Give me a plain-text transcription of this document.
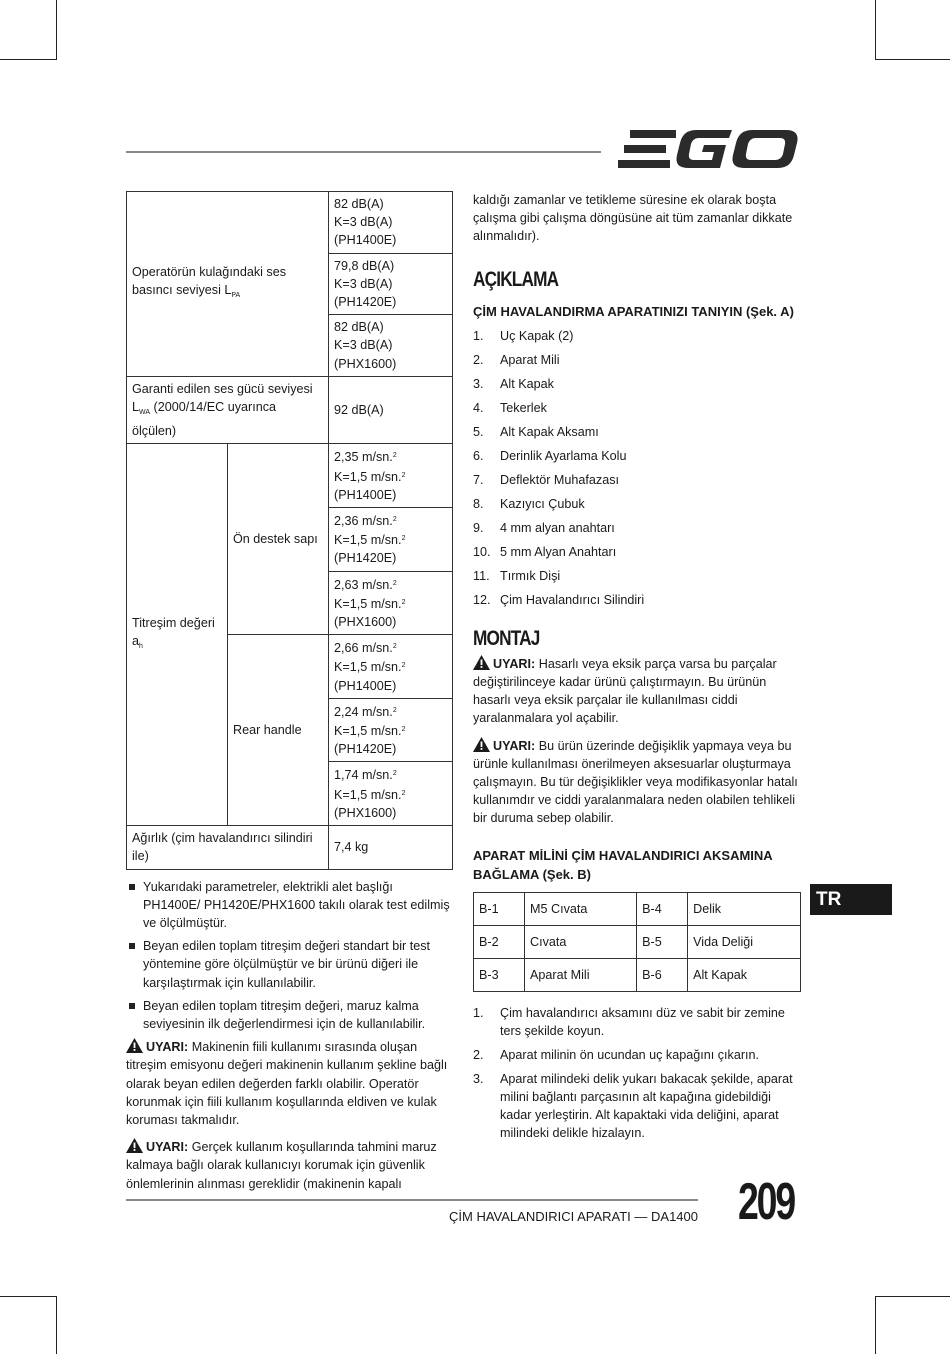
Operatörün kulağındaki ses basıncı seviyesi $L_{PA}$		82 dB(A)
K=3 dB(A)
(PH1400E)
		79,8 dB(A)
K=3 dB(A)
(PH1420E)
		82 dB(A)
K=3 dB(A)
(PHX1600)
Garanti edilen ses gücü seviyesi
$L_{WA}$ (2000/14/EC uyarınca ölçülen)		92 dB(A)
Titreşim değeri
$a_h$	Ön destek sapı	2,35 m/sn.$^2$
K=1,5 m/sn.$^2$
(PH1400E)
		2,36 m/sn.$^2$
K=1,5 m/sn.$^2$
(PH1420E)
		2,63 m/sn.$^2$
K=1,5 m/sn.$^2$
(PHX1600)
	Rear handle	2,66 m/sn.$^2$
K=1,5 m/sn.$^2$
(PH1400E)
		2,24 m/sn.$^2$
K=1,5 m/sn.$^2$
(PH1420E)
		1,74 m/sn.$^2$
K=1,5 m/sn.$^2$
(PHX1600)
Ağırlık (çim havalandırıcı silindiri ile)		7,4 kg
Yukarıdaki parametreler, elektrikli alet başlığı PH1400E/ PH1420E/PHX1600 takılı olarak test edilmiş ve ölçülmüştür.
Beyan edilen toplam titreşim değeri standart bir test yöntemine göre ölçülmüştür ve bir ürünü diğeri ile karşılaştırmak için kullanılabilir.
Beyan edilen toplam titreşim değeri, maruz kalma seviyesinin ilk değerlendirmesi için de kullanılabilir.
UYARI: Makinenin fiili kullanımı sırasında oluşan titreşim emisyonu değeri makinenin kullanım şekline bağlı olarak beyan edilen değerden farklı olabilir. Operatör korunmak için fiili kullanım koşullarında eldiven ve kulak koruması takmalıdır.
UYARI: Gerçek kullanım koşullarında tahmini maruz kalmaya bağlı olarak kullanıcıyı korumak için güvenlik önlemlerinin alınması gereklidir (makinenin kapalı
kaldığı zamanlar ve tetikleme süresine ek olarak boşta çalışma gibi çalışma döngüsüne ait tüm zamanlar dikkate alınmalıdır).
AÇIKLAMA
ÇİM HAVALANDIRMA APARATINIZI TANIYIN (Şek. A)
1. Uç Kapak (2)
2. Aparat Mili
3. Alt Kapak
4. Tekerlek
5. Alt Kapak Aksamı
6. Derinlik Ayarlama Kolu
7. Deflektör Muhafazası
8. Kazıyıcı Çubuk
9. 4 mm alyan anahtarı
10. 5 mm Alyan Anahtarı
11. Tırmık Dişi
12. Çim Havalandırıcı Silindiri
MONTAJ
UYARI: Hasarlı veya eksik parça varsa bu parçalar değiştirilinceye kadar ürünü çalıştırmayın. Bu ürünün hasarlı veya eksik parçalar ile kullanılması ciddi yaralanmalara yol açabilir.
UYARI: Bu ürün üzerinde değişiklik yapmaya veya bu ürünle kullanılması önerilmeyen aksesuarlar oluşturmaya çalışmayın. Bu tür değişiklikler veya modifikasyonlar hatalı kullanımdır ve ciddi yaralanmalara neden olabilen tehlikeli bir duruma sebep olabilir.
APARAT MİLİNİ ÇİM HAVALANDIRICI AKSAMINA BAĞLAMA (Şek. B)
B-1	M5 Cıvata	B-4	Delik
B-2	Cıvata	B-5	Vida Deliği
B-3	Aparat Mili	B-6	Alt Kapak
1. Çim havalandırıcı aksamını düz ve sabit bir zemine ters şekilde koyun.
2. Aparat milinin ön ucundan uç kapağını çıkarın.
3. Aparat milindeki delik yukarı bakacak şekilde, aparat milini bağlantı parçasının alt kapağına gidebildiği kadar yerleştirin. Alt kapaktaki vida deliğini, aparat milindeki delikle hizalayın.
TR
ÇİM HAVALANDIRICI APARATI — DA1400 209
